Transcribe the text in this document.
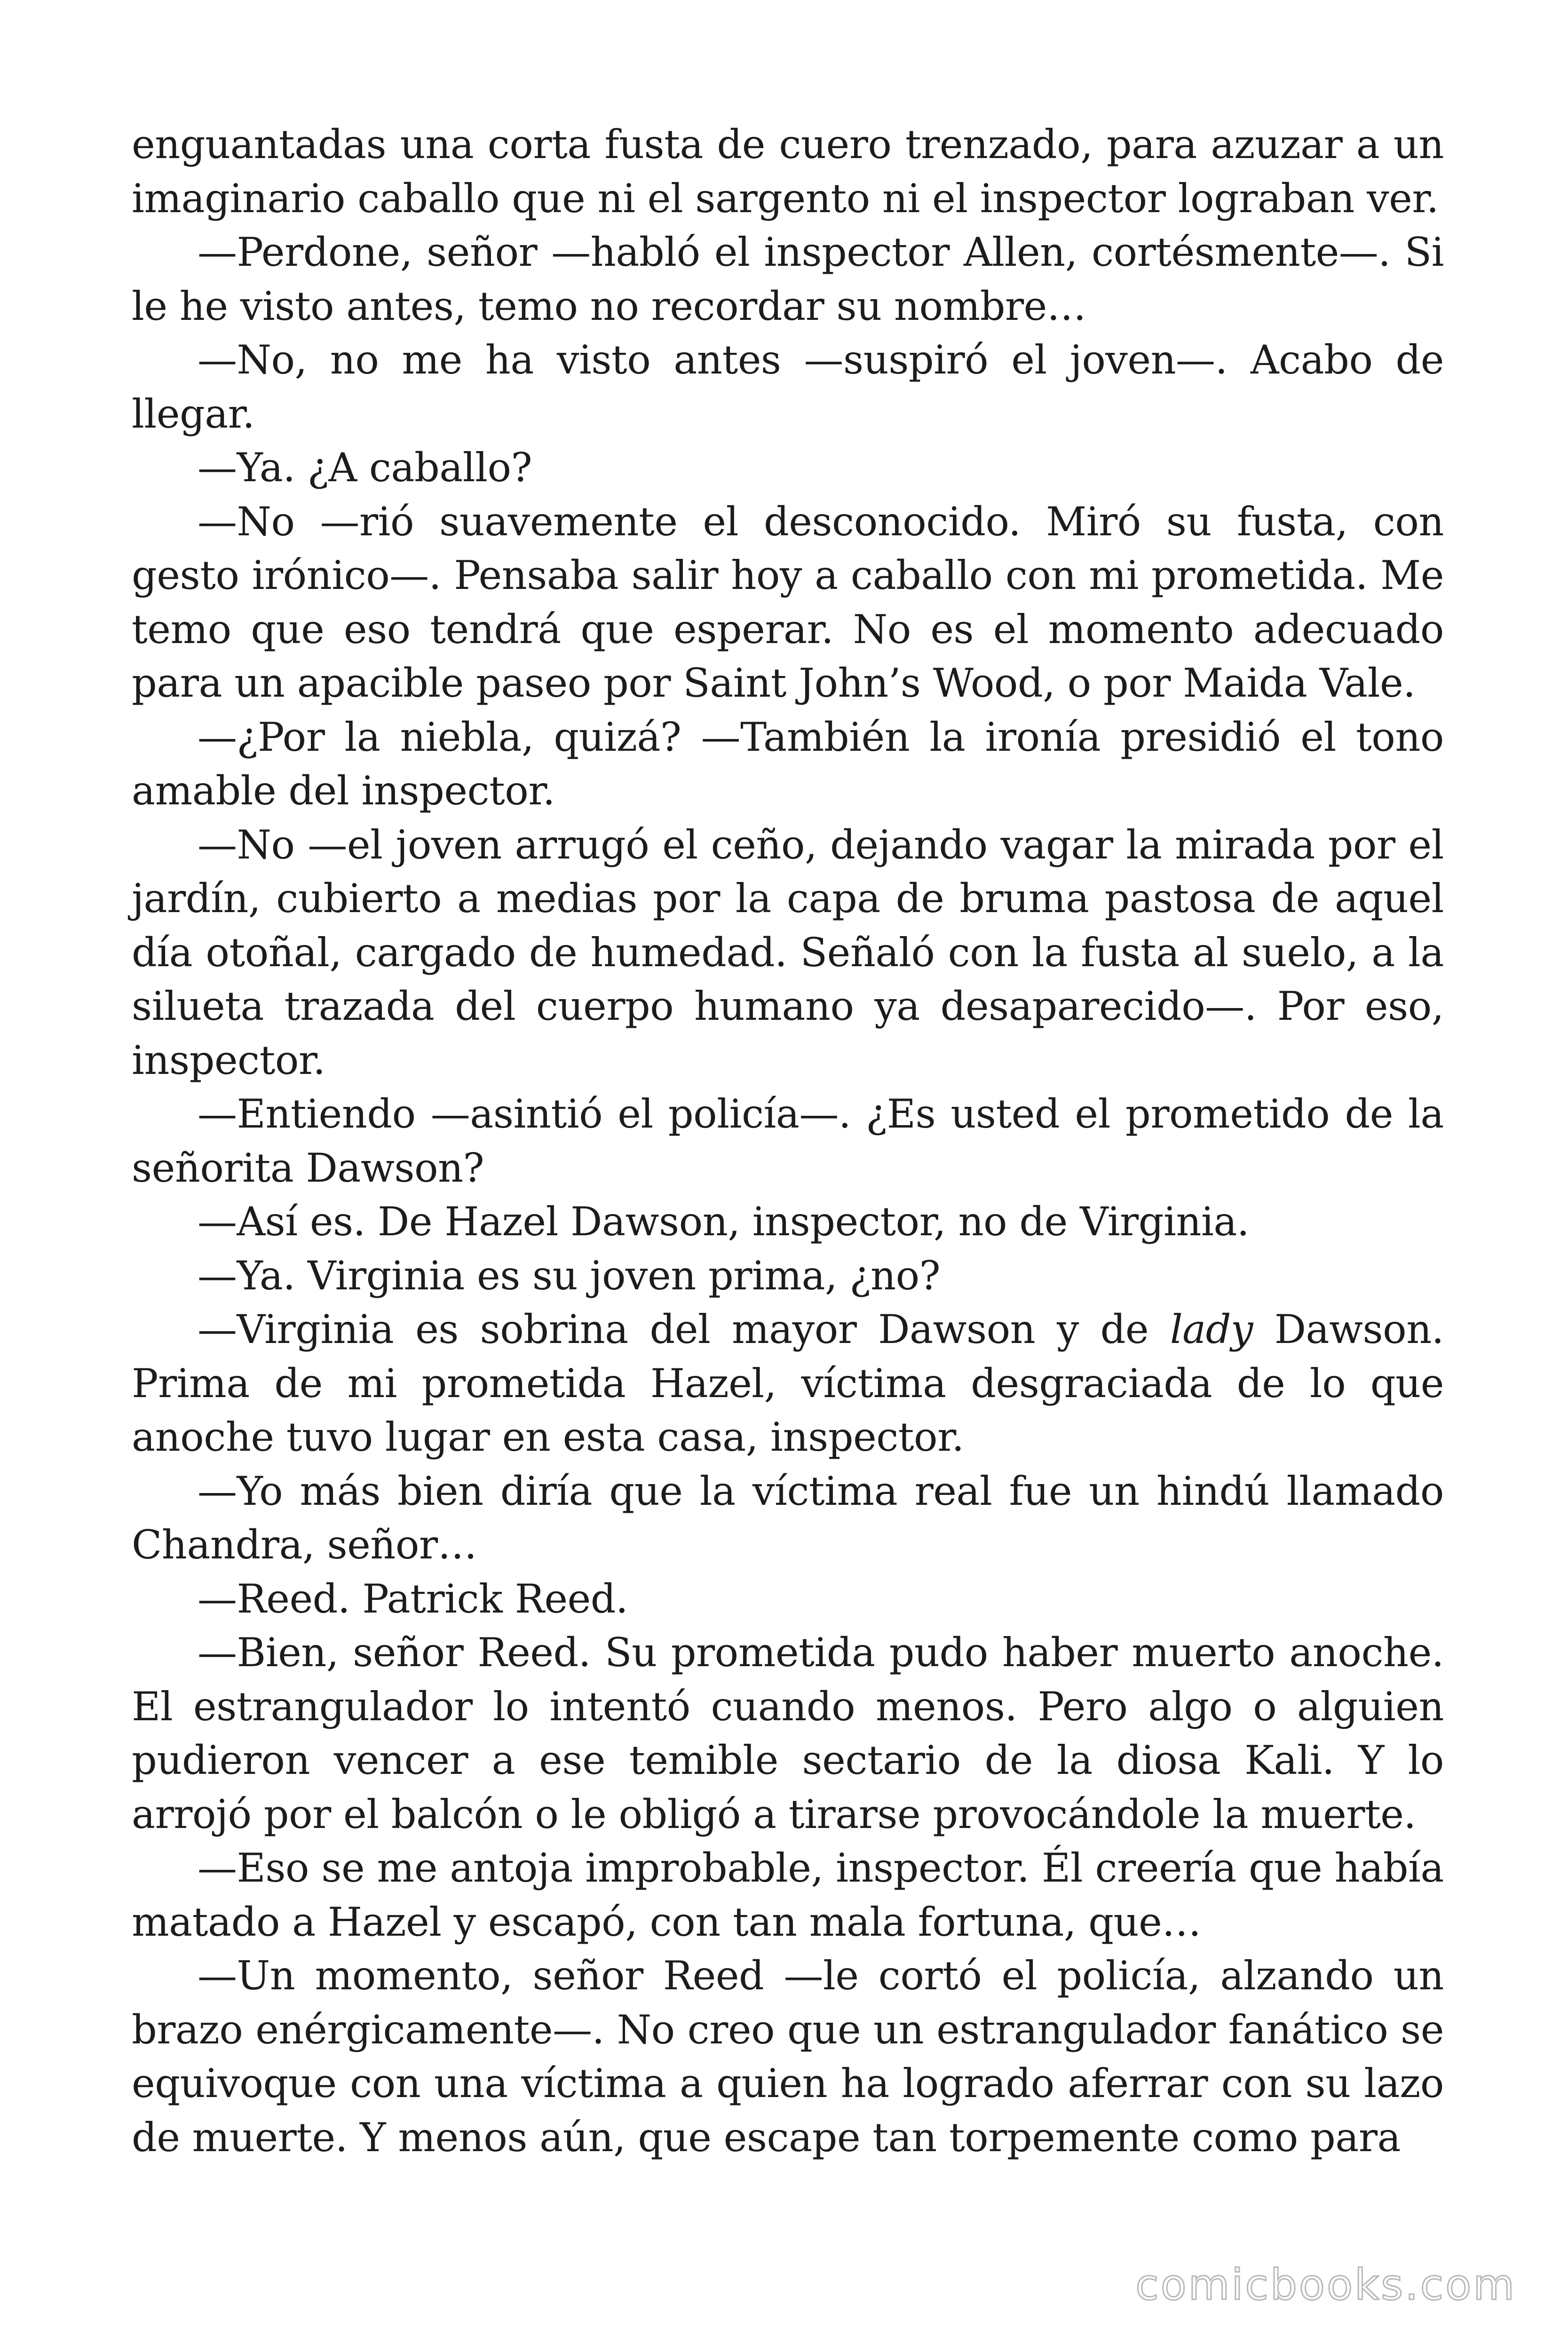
enguantadas una corta fusta de cuero trenzado, para azuzar a un imaginario caballo que ni el sargento ni el inspector lograban ver.

—Perdone, señor —habló el inspector Allen, cortésmente—. Si le he visto antes, temo no recordar su nombre…

—No, no me ha visto antes —suspiró el joven—. Acabo de llegar.

—Ya. ¿A caballo?

—No —rió suavemente el desconocido. Miró su fusta, con gesto irónico—. Pensaba salir hoy a caballo con mi prometida. Me temo que eso tendrá que esperar. No es el momento adecuado para un apacible paseo por Saint John’s Wood, o por Maida Vale.

—¿Por la niebla, quizá? —También la ironía presidió el tono amable del inspector.

—No —el joven arrugó el ceño, dejando vagar la mirada por el jardín, cubierto a medias por la capa de bruma pastosa de aquel día otoñal, cargado de humedad. Señaló con la fusta al suelo, a la silueta trazada del cuerpo humano ya desaparecido—. Por eso, inspector.

—Entiendo —asintió el policía—. ¿Es usted el prometido de la señorita Dawson?

—Así es. De Hazel Dawson, inspector, no de Virginia.

—Ya. Virginia es su joven prima, ¿no?

—Virginia es sobrina del mayor Dawson y de lady Dawson. Prima de mi prometida Hazel, víctima desgraciada de lo que anoche tuvo lugar en esta casa, inspector.

—Yo más bien diría que la víctima real fue un hindú llamado Chandra, señor…

—Reed. Patrick Reed.

—Bien, señor Reed. Su prometida pudo haber muerto anoche. El estrangulador lo intentó cuando menos. Pero algo o alguien pudieron vencer a ese temible sectario de la diosa Kali. Y lo arrojó por el balcón o le obligó a tirarse provocándole la muerte.

—Eso se me antoja improbable, inspector. Él creería que había matado a Hazel y escapó, con tan mala fortuna, que…

—Un momento, señor Reed —le cortó el policía, alzando un brazo enérgicamente—. No creo que un estrangulador fanático se equivoque con una víctima a quien ha logrado aferrar con su lazo de muerte. Y menos aún, que escape tan torpemente como para

comicbooks.com
